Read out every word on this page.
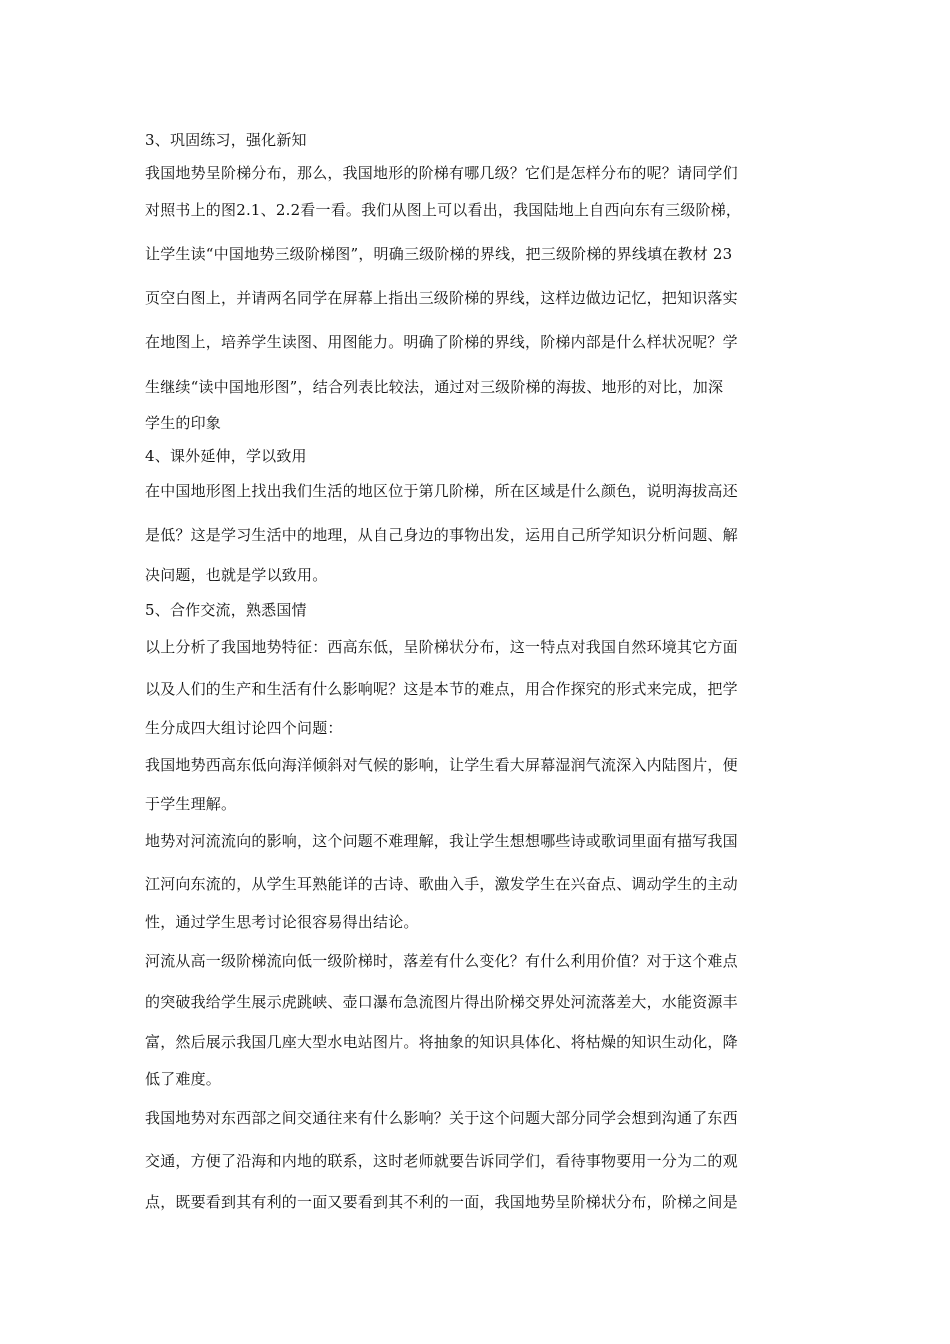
3、巩固练习，强化新知
我国地势呈阶梯分布，那么，我国地形的阶梯有哪几级？它们是怎样分布的呢？请同学们
对照书上的图2.1、2.2看一看。我们从图上可以看出，我国陆地上自西向东有三级阶梯，
让学生读“中国地势三级阶梯图”，明确三级阶梯的界线，把三级阶梯的界线填在教材 23
页空白图上，并请两名同学在屏幕上指出三级阶梯的界线，这样边做边记忆，把知识落实
在地图上，培养学生读图、用图能力。明确了阶梯的界线，阶梯内部是什么样状况呢？学
生继续“读中国地形图”，结合列表比较法，通过对三级阶梯的海拔、地形的对比，加深
学生的印象
4、课外延伸，学以致用
在中国地形图上找出我们生活的地区位于第几阶梯，所在区域是什么颜色，说明海拔高还
是低？这是学习生活中的地理，从自己身边的事物出发，运用自己所学知识分析问题、解
决问题，也就是学以致用。
5、合作交流，熟悉国情
以上分析了我国地势特征：西高东低，呈阶梯状分布，这一特点对我国自然环境其它方面
以及人们的生产和生活有什么影响呢？这是本节的难点，用合作探究的形式来完成，把学
生分成四大组讨论四个问题：
我国地势西高东低向海洋倾斜对气候的影响，让学生看大屏幕湿润气流深入内陆图片，便
于学生理解。
地势对河流流向的影响，这个问题不难理解，我让学生想想哪些诗或歌词里面有描写我国
江河向东流的，从学生耳熟能详的古诗、歌曲入手，激发学生在兴奋点、调动学生的主动
性，通过学生思考讨论很容易得出结论。
河流从高一级阶梯流向低一级阶梯时，落差有什么变化？有什么利用价值？对于这个难点
的突破我给学生展示虎跳峡、壶口瀑布急流图片得出阶梯交界处河流落差大，水能资源丰
富，然后展示我国几座大型水电站图片。将抽象的知识具体化、将枯燥的知识生动化，降
低了难度。
我国地势对东西部之间交通往来有什么影响？关于这个问题大部分同学会想到沟通了东西
交通，方便了沿海和内地的联系，这时老师就要告诉同学们，看待事物要用一分为二的观
点，既要看到其有利的一面又要看到其不利的一面，我国地势呈阶梯状分布，阶梯之间是
